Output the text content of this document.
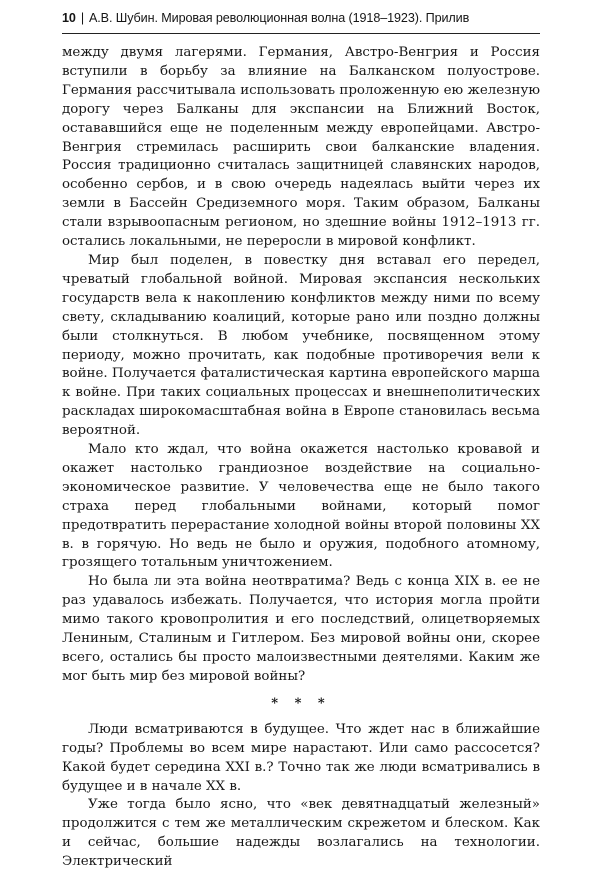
10 | А.В. Шубин. Мировая революционная волна (1918–1923). Прилив

между двумя лагерями. Германия, Австро-Венгрия и Россия вступили в борьбу за влияние на Балканском полуострове. Германия рассчитывала использовать проложенную ею железную дорогу через Балканы для экспансии на Ближний Восток, остававшийся еще не поделенным между европейцами. Австро-Венгрия стремилась расширить свои балканские владения. Россия традиционно считалась защитницей славянских народов, особенно сербов, и в свою очередь надеялась выйти через их земли в Бассейн Средиземного моря. Таким образом, Балканы стали взрывоопасным регионом, но здешние войны 1912–1913 гг. остались локальными, не переросли в мировой конфликт.

Мир был поделен, в повестку дня вставал его передел, чреватый глобальной войной. Мировая экспансия нескольких государств вела к накоплению конфликтов между ними по всему свету, складыванию коалиций, которые рано или поздно должны были столкнуться. В любом учебнике, посвященном этому периоду, можно прочитать, как подобные противоречия вели к войне. Получается фаталистическая картина европейского марша к войне. При таких социальных процессах и внешнеполитических раскладах широкомасштабная война в Европе становилась весьма вероятной.

Мало кто ждал, что война окажется настолько кровавой и окажет настолько грандиозное воздействие на социально-экономическое развитие. У человечества еще не было такого страха перед глобальными войнами, который помог предотвратить перерастание холодной войны второй половины XX в. в горячую. Но ведь не было и оружия, подобного атомному, грозящего тотальным уничтожением.

Но была ли эта война неотвратима? Ведь с конца XIX в. ее не раз удавалось избежать. Получается, что история могла пройти мимо такого кровопролития и его последствий, олицетворяемых Лениным, Сталиным и Гитлером. Без мировой войны они, скорее всего, остались бы просто малоизвестными деятелями. Каким же мог быть мир без мировой войны?

* * *

Люди всматриваются в будущее. Что ждет нас в ближайшие годы? Проблемы во всем мире нарастают. Или само рассосется? Какой будет середина XXI в.? Точно так же люди всматривались в будущее и в начале XX в.

Уже тогда было ясно, что «век девятнадцатый железный» продолжится с тем же металлическим скрежетом и блеском. Как и сейчас, большие надежды возлагались на технологии. Электрический
